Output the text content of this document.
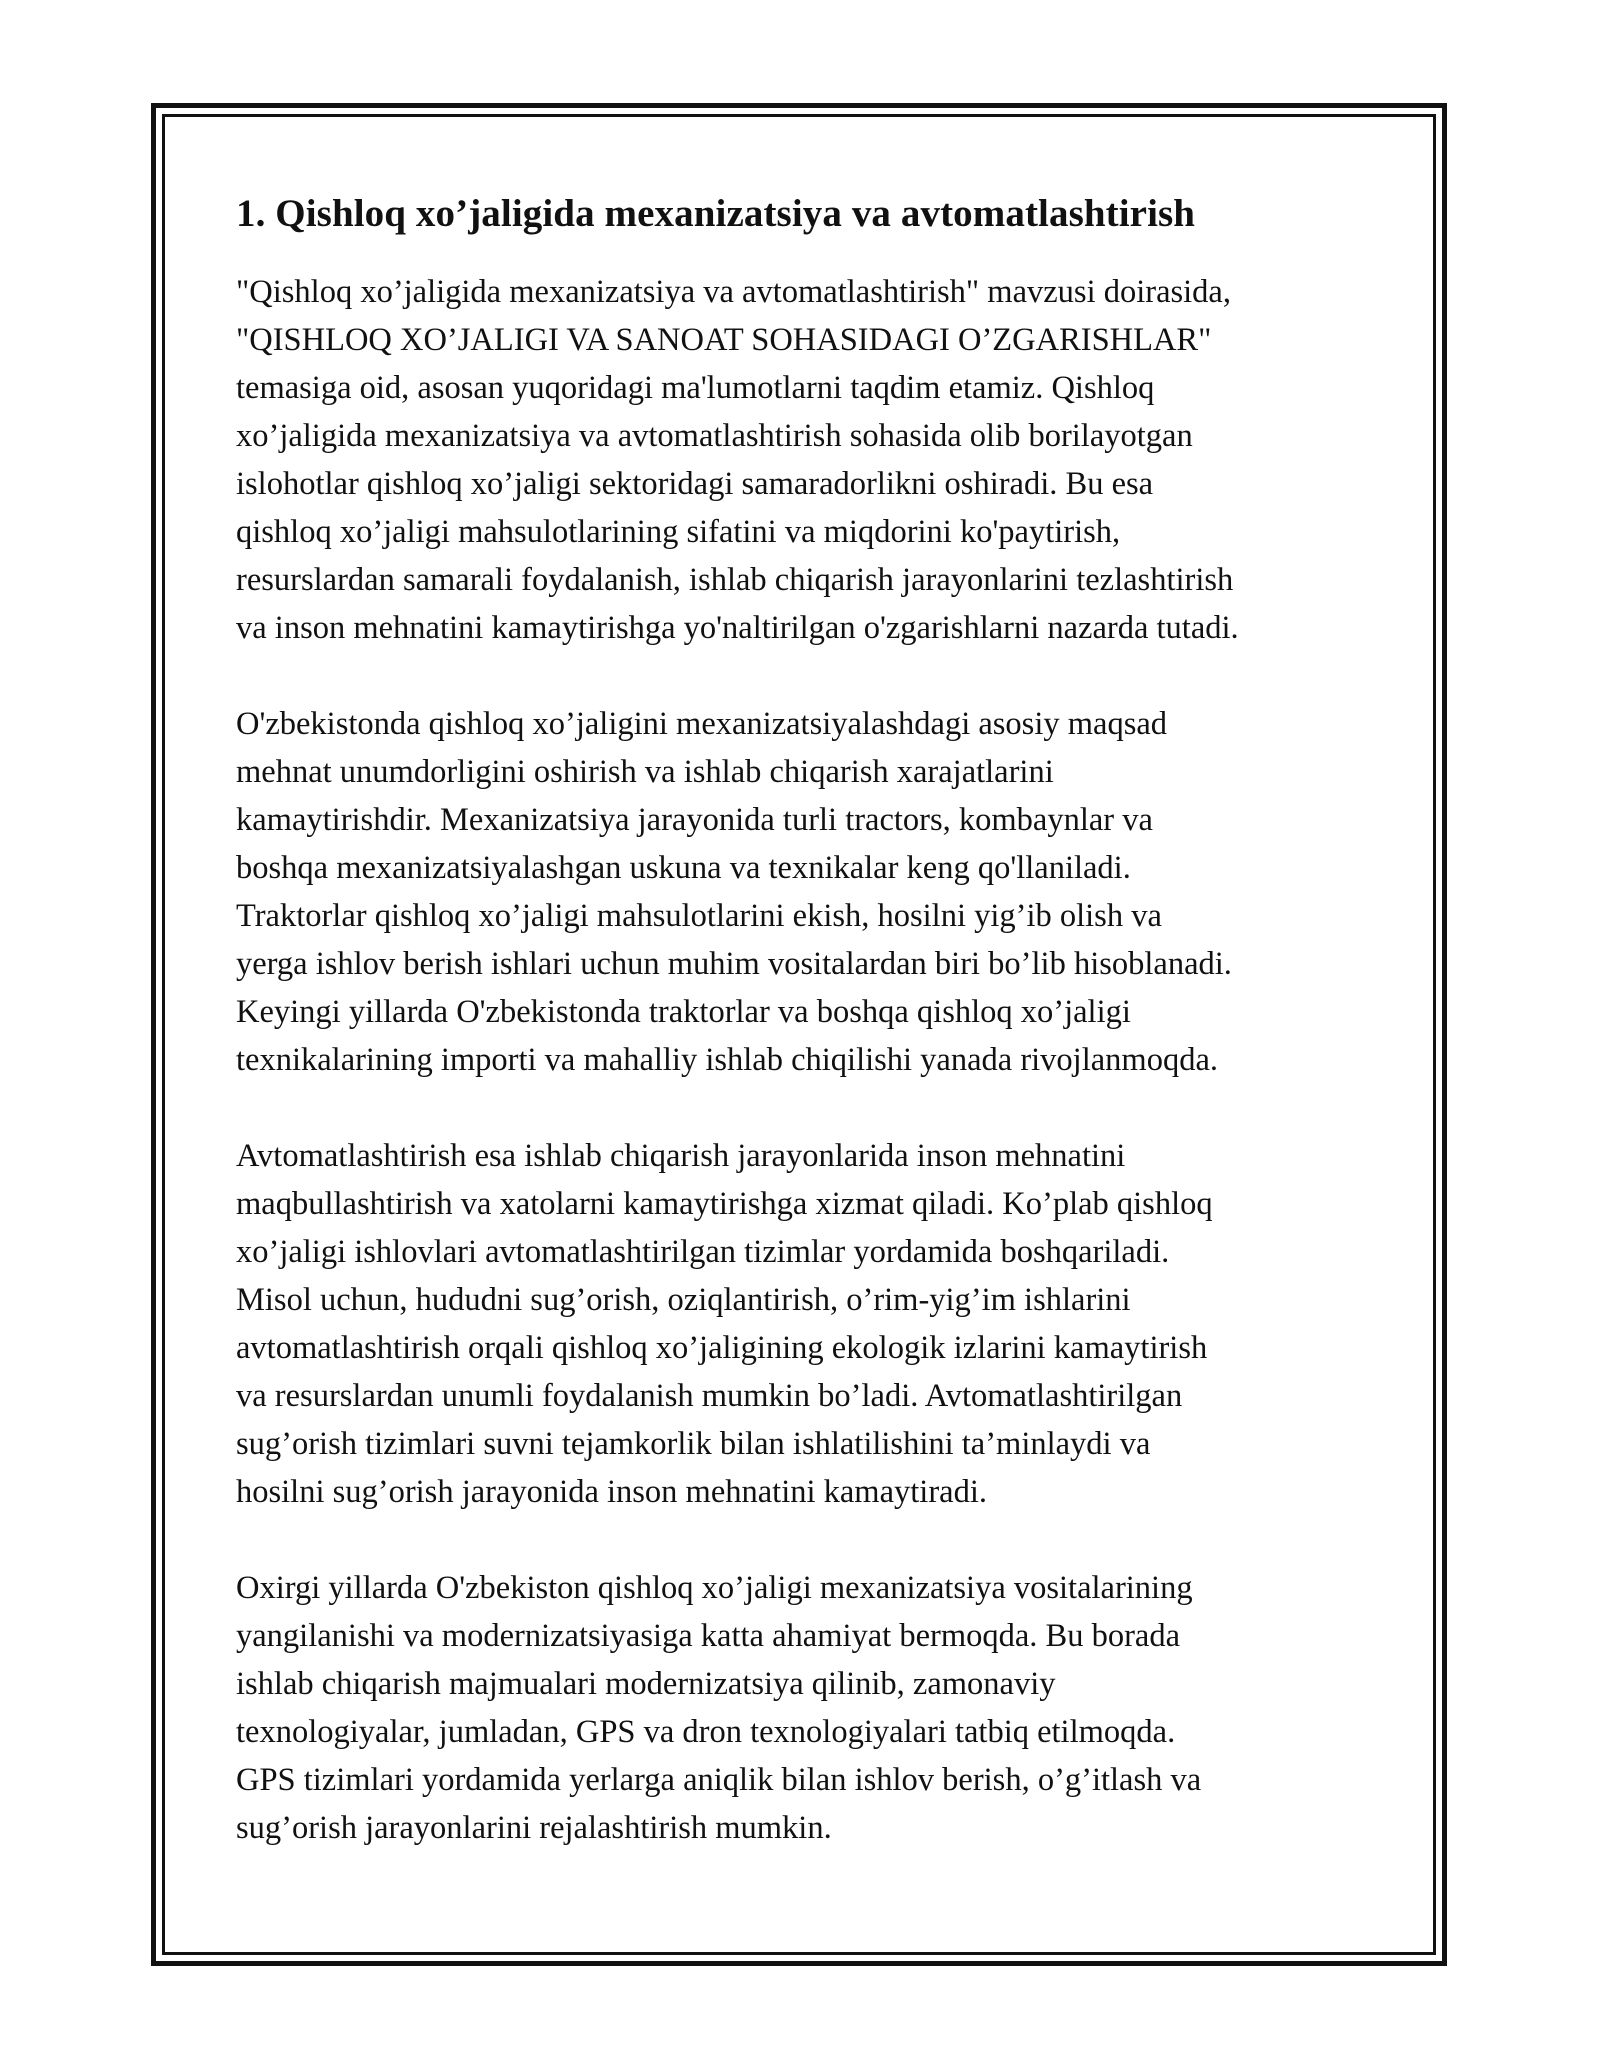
1. Qishloq xo’jaligida mexanizatsiya va avtomatlashtirish

"Qishloq xo’jaligida mexanizatsiya va avtomatlashtirish" mavzusi doirasida,
"QISHLOQ XO’JALIGI VA SANOAT SOHASIDAGI O’ZGARISHLAR"
temasiga oid, asosan yuqoridagi ma'lumotlarni taqdim etamiz. Qishloq
xo’jaligida mexanizatsiya va avtomatlashtirish sohasida olib borilayotgan
islohotlar qishloq xo’jaligi sektoridagi samaradorlikni oshiradi. Bu esa
qishloq xo’jaligi mahsulotlarining sifatini va miqdorini ko'paytirish,
resurslardan samarali foydalanish, ishlab chiqarish jarayonlarini tezlashtirish
va inson mehnatini kamaytirishga yo'naltirilgan o'zgarishlarni nazarda tutadi.

O'zbekistonda qishloq xo’jaligini mexanizatsiyalashdagi asosiy maqsad
mehnat unumdorligini oshirish va ishlab chiqarish xarajatlarini
kamaytirishdir. Mexanizatsiya jarayonida turli tractors, kombaynlar va
boshqa mexanizatsiyalashgan uskuna va texnikalar keng qo'llaniladi.
Traktorlar qishloq xo’jaligi mahsulotlarini ekish, hosilni yig’ib olish va
yerga ishlov berish ishlari uchun muhim vositalardan biri bo’lib hisoblanadi.
Keyingi yillarda O'zbekistonda traktorlar va boshqa qishloq xo’jaligi
texnikalarining importi va mahalliy ishlab chiqilishi yanada rivojlanmoqda.

Avtomatlashtirish esa ishlab chiqarish jarayonlarida inson mehnatini
maqbullashtirish va xatolarni kamaytirishga xizmat qiladi. Ko’plab qishloq
xo’jaligi ishlovlari avtomatlashtirilgan tizimlar yordamida boshqariladi.
Misol uchun, hududni sug’orish, oziqlantirish, o’rim-yig’im ishlarini
avtomatlashtirish orqali qishloq xo’jaligining ekologik izlarini kamaytirish
va resurslardan unumli foydalanish mumkin bo’ladi. Avtomatlashtirilgan
sug’orish tizimlari suvni tejamkorlik bilan ishlatilishini ta’minlaydi va
hosilni sug’orish jarayonida inson mehnatini kamaytiradi.

Oxirgi yillarda O'zbekiston qishloq xo’jaligi mexanizatsiya vositalarining
yangilanishi va modernizatsiyasiga katta ahamiyat bermoqda. Bu borada
ishlab chiqarish majmualari modernizatsiya qilinib, zamonaviy
texnologiyalar, jumladan, GPS va dron texnologiyalari tatbiq etilmoqda.
GPS tizimlari yordamida yerlarga aniqlik bilan ishlov berish, o’g’itlash va
sug’orish jarayonlarini rejalashtirish mumkin.
